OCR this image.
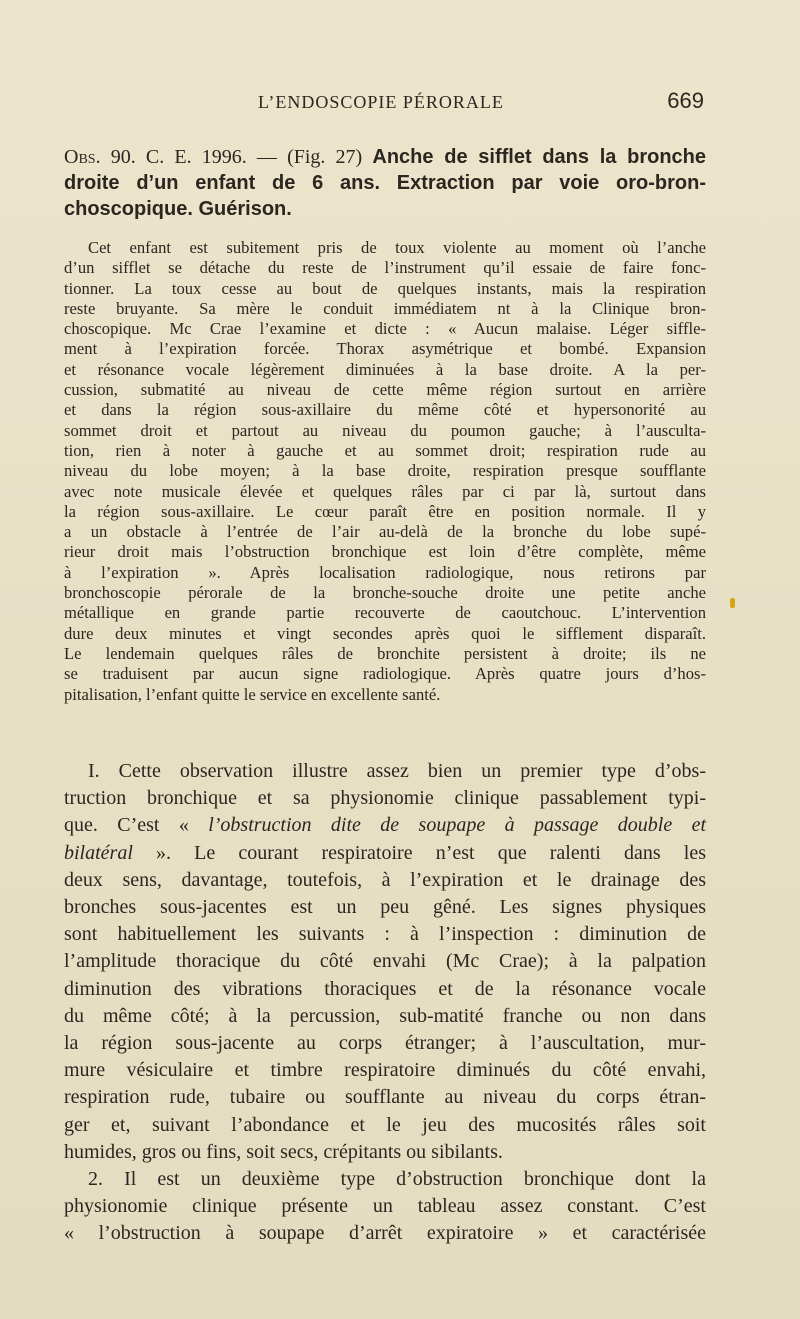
L’ENDOSCOPIE PÉRORALE	669
Obs. 90. C. E. 1996. — (Fig. 27) Anche de sifflet dans la bronche
droite d’un enfant de 6 ans. Extraction par voie oro-bron-
choscopique. Guérison.
Cet enfant est subitement pris de toux violente au moment où l’anche
d’un sifflet se détache du reste de l’instrument qu’il essaie de faire fonc-
tionner. La toux cesse au bout de quelques instants, mais la respiration
reste bruyante. Sa mère le conduit immédiatem nt à la Clinique bron-
choscopique. Mc Crae l’examine et dicte : « Aucun malaise. Léger siffle-
ment à l’expiration forcée. Thorax asymétrique et bombé. Expansion
et résonance vocale légèrement diminuées à la base droite. A la per-
cussion, submatité au niveau de cette même région surtout en arrière
et dans la région sous-axillaire du même côté et hypersonorité au
sommet droit et partout au niveau du poumon gauche; à l’ausculta-
tion, rien à noter à gauche et au sommet droit; respiration rude au
niveau du lobe moyen; à la base droite, respiration presque soufflante
avec note musicale élevée et quelques râles par ci par là, surtout dans
la région sous-axillaire. Le cœur paraît être en position normale. Il y
a un obstacle à l’entrée de l’air au-delà de la bronche du lobe supé-
rieur droit mais l’obstruction bronchique est loin d’être complète, même
à l’expiration ». Après localisation radiologique, nous retirons par
bronchoscopie pérorale de la bronche-souche droite une petite anche
métallique en grande partie recouverte de caoutchouc. L’intervention
dure deux minutes et vingt secondes après quoi le sifflement disparaît.
Le lendemain quelques râles de bronchite persistent à droite; ils ne
se traduisent par aucun signe radiologique. Après quatre jours d’hos-
pitalisation, l’enfant quitte le service en excellente santé.
I. Cette observation illustre assez bien un premier type d’obs-
truction bronchique et sa physionomie clinique passablement typi-
que. C’est « l’obstruction dite de soupape à passage double et
bilatéral ». Le courant respiratoire n’est que ralenti dans les
deux sens, davantage, toutefois, à l’expiration et le drainage des
bronches sous-jacentes est un peu gêné. Les signes physiques
sont habituellement les suivants : à l’inspection : diminution de
l’amplitude thoracique du côté envahi (Mc Crae); à la palpation
diminution des vibrations thoraciques et de la résonance vocale
du même côté; à la percussion, sub-matité franche ou non dans
la région sous-jacente au corps étranger; à l’auscultation, mur-
mure vésiculaire et timbre respiratoire diminués du côté envahi,
respiration rude, tubaire ou soufflante au niveau du corps étran-
ger et, suivant l’abondance et le jeu des mucosités râles soit
humides, gros ou fins, soit secs, crépitants ou sibilants.
2. Il est un deuxième type d’obstruction bronchique dont la
physionomie clinique présente un tableau assez constant. C’est
« l’obstruction à soupape d’arrêt expiratoire » et caractérisée
